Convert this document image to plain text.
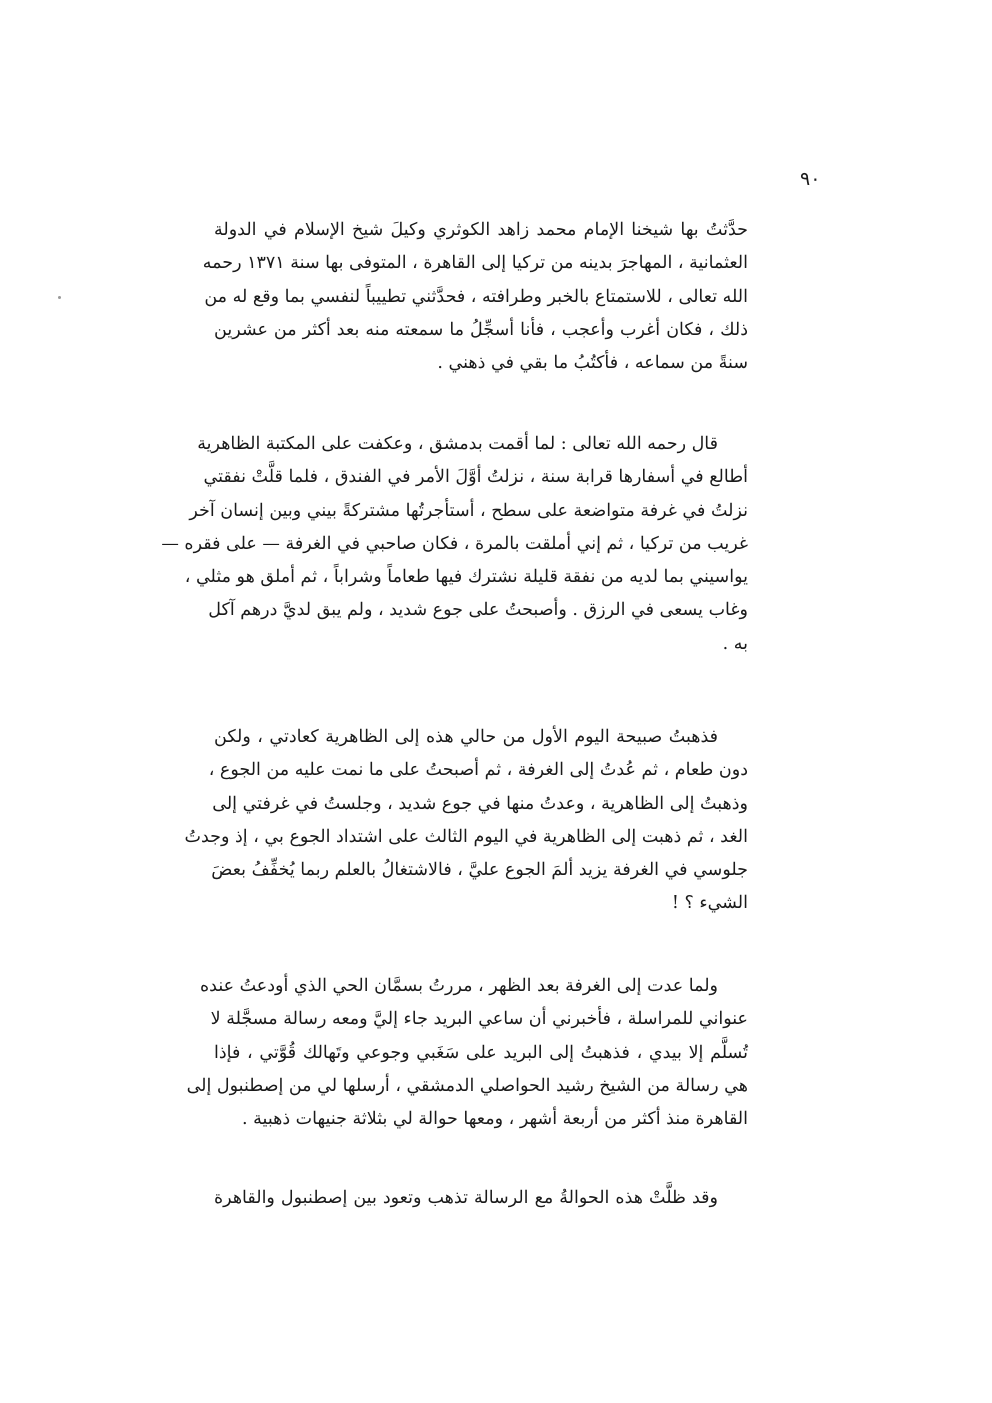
٩٠
حدَّثتُ بها شيخنا الإمام محمد زاهد الكوثري وكيلَ شيخ الإسلام في الدولة
العثمانية ، المهاجرَ بدينه من تركيا إلى القاهرة ، المتوفى بها سنة ١٣٧١ رحمه
الله تعالى ، للاستمتاع بالخبر وطرافته ، فحدَّثني تطييباً لنفسي بما وقع له من
ذلك ، فكان أغرب وأعجب ، فأنا أسجِّلُ ما سمعته منه بعد أكثر من عشرين
سنةً من سماعه ، فأكتُبُ ما بقي في ذهني .
قال رحمه الله تعالى : لما أقمت بدمشق ، وعكفت على المكتبة الظاهرية
أطالع في أسفارها قرابة سنة ، نزلتُ أوَّلَ الأمر في الفندق ، فلما قلَّتْ نفقتي
نزلتُ في غرفة متواضعة على سطح ، أستأجرتُها مشتركةً بيني وبين إنسان آخر
غريب من تركيا ، ثم إني أملقت بالمرة ، فكان صاحبي في الغرفة — على فقره —
يواسيني بما لديه من نفقة قليلة نشترك فيها طعاماً وشراباً ، ثم أملق هو مثلي ،
وغاب يسعى في الرزق . وأصبحتُ على جوع شديد ، ولم يبق لديَّ درهم آكل
به .
فذهبتُ صبيحة اليوم الأول من حالي هذه إلى الظاهرية كعادتي ، ولكن
دون طعام ، ثم عُدتُ إلى الغرفة ، ثم أصبحتُ على ما نمت عليه من الجوع ،
وذهبتُ إلى الظاهرية ، وعدتُ منها في جوع شديد ، وجلستُ في غرفتي إلى
الغد ، ثم ذهبت إلى الظاهرية في اليوم الثالث على اشتداد الجوع بي ، إذ وجدتُ
جلوسي في الغرفة يزيد ألمَ الجوع عليَّ ، فالاشتغالُ بالعلم ربما يُخفِّفُ بعضَ
الشيء ؟ !
ولما عدت إلى الغرفة بعد الظهر ، مررتُ بسمَّان الحي الذي أودعتُ عنده
عنواني للمراسلة ، فأخبرني أن ساعي البريد جاء إليَّ ومعه رسالة مسجَّلة لا
تُسلَّم إلا بيدي ، فذهبتُ إلى البريد على سَغَبي وجوعي وتَهالك قُوَّتي ، فإذا
هي رسالة من الشيخ رشيد الحواصلي الدمشقي ، أرسلها لي من إصطنبول إلى
القاهرة منذ أكثر من أربعة أشهر ، ومعها حوالة لي بثلاثة جنيهات ذهبية .
وقد ظلَّتْ هذه الحوالةُ مع الرسالة تذهب وتعود بين إصطنبول والقاهرة
